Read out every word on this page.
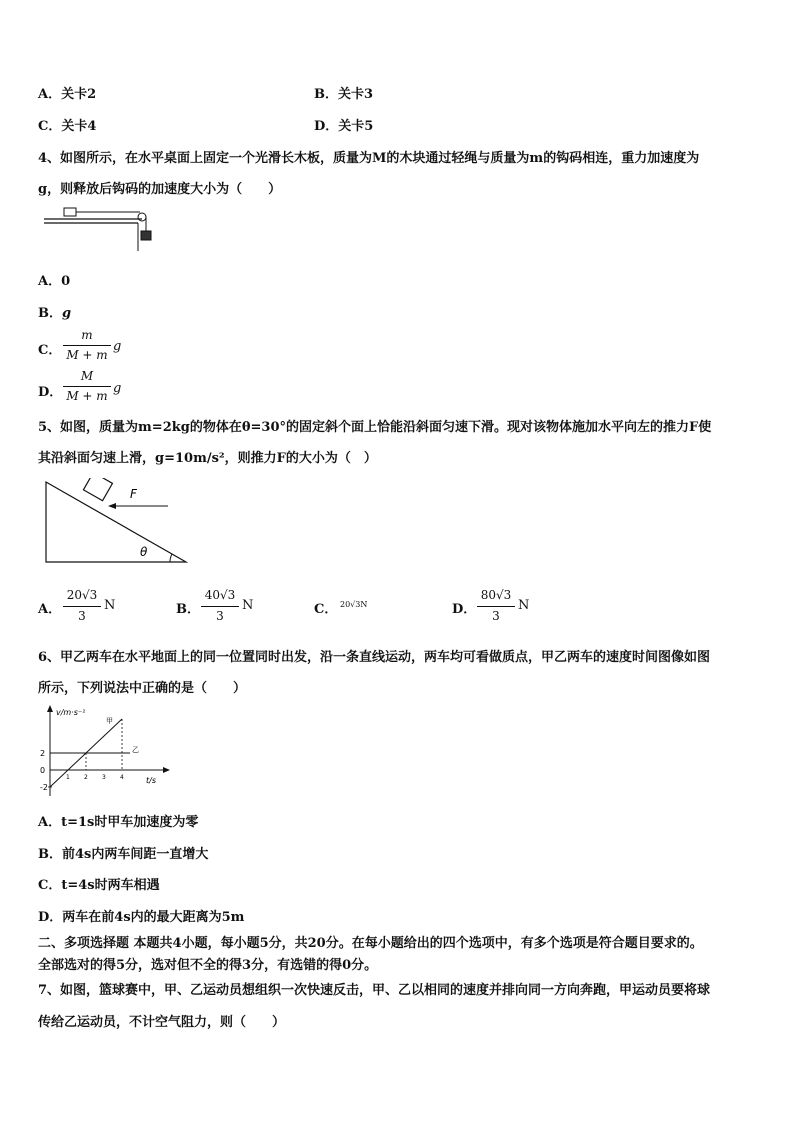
A．关卡2	B．关卡3
C．关卡4	D．关卡5
4、如图所示，在水平桌面上固定一个光滑长木板，质量为M的木块通过轻绳与质量为m的钩码相连，重力加速度为
g，则释放后钩码的加速度大小为（　　）
A．0
B．g
C．
m
M + m
g
D．
M
M + m g
5、如图，质量为m=2kg的物体在θ=30°的固定斜个面上恰能沿斜面匀速下滑。现对该物体施加水平向左的推力F使
其沿斜面匀速上滑，g=10m/s²，则推力F的大小为（　）
F
θ
A．
20√3
3
N	B．
40√3
3
N	C． 20√3N	D．
80√3
3
N
6、甲乙两车在水平地面上的同一位置同时出发，沿一条直线运动，两车均可看做质点，甲乙两车的速度时间图像如图
所示，下列说法中正确的是（　　）
v/m·s⁻¹
t/s
1 2 3 4
2
0
-2
甲
乙
A．t=1s时甲车加速度为零
B．前4s内两车间距一直增大
C．t=4s时两车相遇
D．两车在前4s内的最大距离为5m
二、多项选择题 本题共4小题，每小题5分，共20分。在每小题给出的四个选项中，有多个选项是符合题目要求的。
全部选对的得5分，选对但不全的得3分，有选错的得0分。
7、如图，篮球赛中，甲、乙运动员想组织一次快速反击，甲、乙以相同的速度并排向同一方向奔跑，甲运动员要将球
传给乙运动员，不计空气阻力，则（　　）
